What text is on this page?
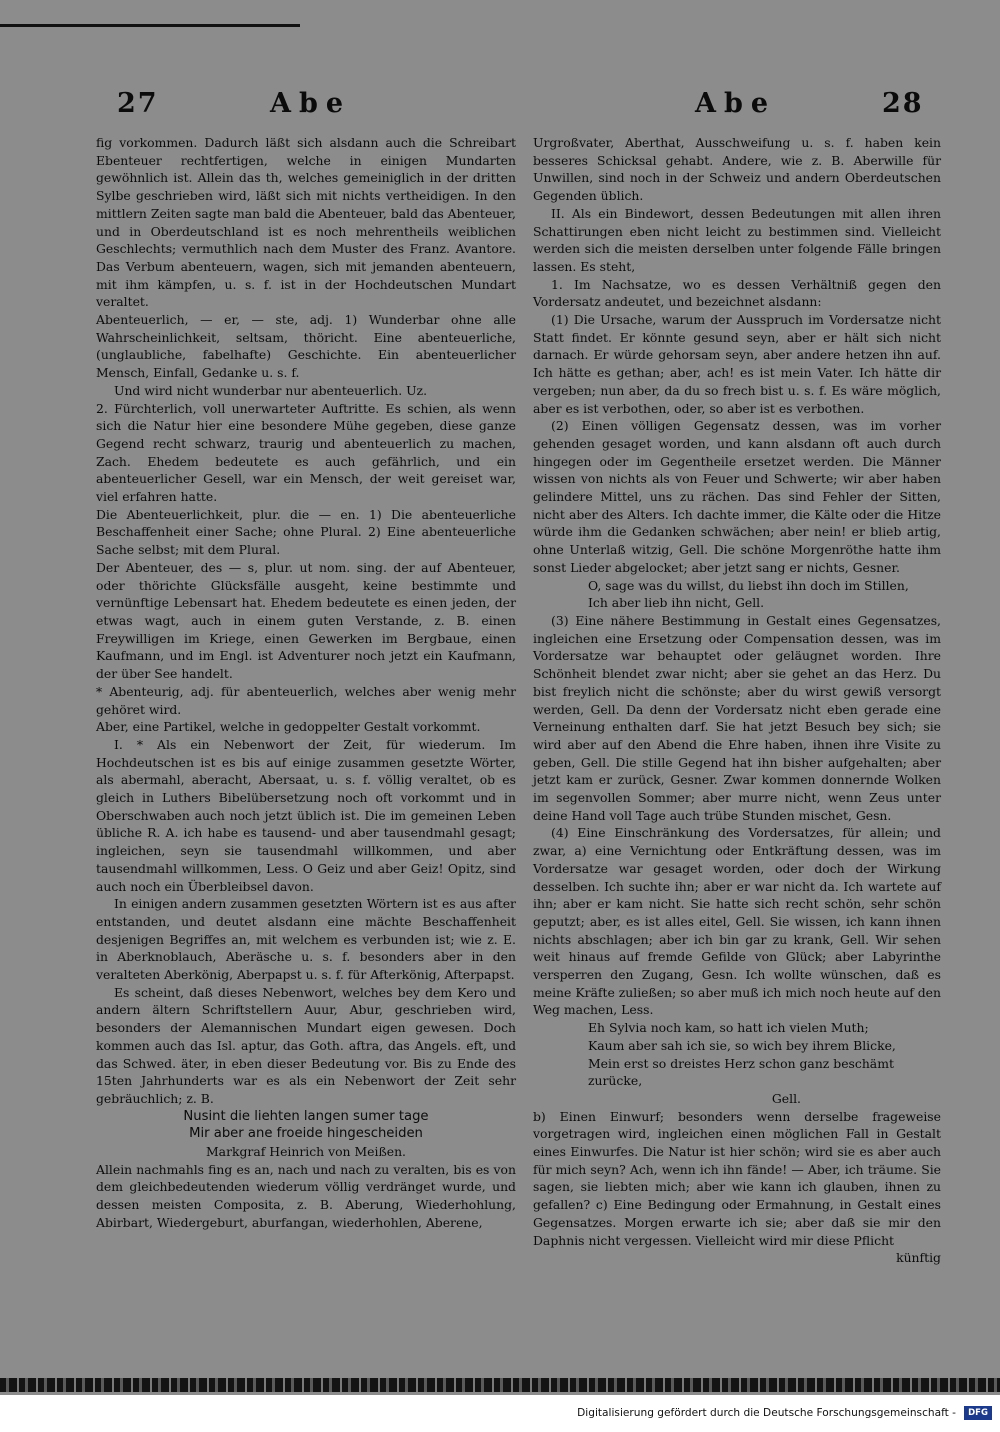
27	Abe	Abe	28

fig vorkommen. Dadurch läßt sich alsdann auch die Schreibart Ebenteuer rechtfertigen, welche in einigen Mundarten gewöhnlich ist. Allein das th, welches gemeiniglich in der dritten Sylbe geschrieben wird, läßt sich mit nichts vertheidigen. In den mittlern Zeiten sagte man bald die Abenteuer, bald das Abenteuer, und in Oberdeutschland ist es noch mehrentheils weiblichen Geschlechts; vermuthlich nach dem Muster des Franz. Avantore. Das Verbum abenteuern, wagen, sich mit jemanden abenteuern, mit ihm kämpfen, u. s. f. ist in der Hochdeutschen Mundart veraltet.

Abenteuerlich, — er, — ste, adj. 1) Wunderbar ohne alle Wahrscheinlichkeit, seltsam, thöricht. Eine abenteuerliche, (unglaubliche, fabelhafte) Geschichte. Ein abenteuerlicher Mensch, Einfall, Gedanke u. s. f.

Und wird nicht wunderbar nur abenteuerlich. Uz.

2. Fürchterlich, voll unerwarteter Auftritte. Es schien, als wenn sich die Natur hier eine besondere Mühe gegeben, diese ganze Gegend recht schwarz, traurig und abenteuerlich zu machen, Zach. Ehedem bedeutete es auch gefährlich, und ein abenteuerlicher Gesell, war ein Mensch, der weit gereiset war, viel erfahren hatte.

Die Abenteuerlichkeit, plur. die — en. 1) Die abenteuerliche Beschaffenheit einer Sache; ohne Plural. 2) Eine abenteuerliche Sache selbst; mit dem Plural.

Der Abenteuer, des — s, plur. ut nom. sing. der auf Abenteuer, oder thörichte Glücksfälle ausgeht, keine bestimmte und vernünftige Lebensart hat. Ehedem bedeutete es einen jeden, der etwas wagt, auch in einem guten Verstande, z. B. einen Freywilligen im Kriege, einen Gewerken im Bergbaue, einen Kaufmann, und im Engl. ist Adventurer noch jetzt ein Kaufmann, der über See handelt.

* Abenteurig, adj. für abenteuerlich, welches aber wenig mehr gehöret wird.

Aber, eine Partikel, welche in gedoppelter Gestalt vorkommt.

I. * Als ein Nebenwort der Zeit, für wiederum. Im Hochdeutschen ist es bis auf einige zusammen gesetzte Wörter, als abermahl, aberacht, Abersaat, u. s. f. völlig veraltet, ob es gleich in Luthers Bibelübersetzung noch oft vorkommt und in Oberschwaben auch noch jetzt üblich ist. Die im gemeinen Leben übliche R. A. ich habe es tausend- und aber tausendmahl gesagt; ingleichen, seyn sie tausendmahl willkommen, und aber tausendmahl willkommen, Less. O Geiz und aber Geiz! Opitz, sind auch noch ein Überbleibsel davon.

In einigen andern zusammen gesetzten Wörtern ist es aus after entstanden, und deutet alsdann eine mächte Beschaffenheit desjenigen Begriffes an, mit welchem es verbunden ist; wie z. E. in Aberknoblauch, Aberäsche u. s. f. besonders aber in den veralteten Aberkönig, Aberpapst u. s. f. für Afterkönig, Afterpapst.

Es scheint, daß dieses Nebenwort, welches bey dem Kero und andern ältern Schriftstellern Auur, Abur, geschrieben wird, besonders der Alemannischen Mundart eigen gewesen. Doch kommen auch das Isl. aptur, das Goth. aftra, das Angels. eft, und das Schwed. äter, in eben dieser Bedeutung vor. Bis zu Ende des 15ten Jahrhunderts war es als ein Nebenwort der Zeit sehr gebräuchlich; z. B.

Nusint die liehten langen sumer tage

Mir aber ane froeide hingescheiden

Markgraf Heinrich von Meißen.

Allein nachmahls fing es an, nach und nach zu veralten, bis es von dem gleichbedeutenden wiederum völlig verdränget wurde, und dessen meisten Composita, z. B. Aberung, Wiederhohlung, Abirbart, Wiedergeburt, aburfangan, wiederhohlen, Aberene,

Urgroßvater, Aberthat, Ausschweifung u. s. f. haben kein besseres Schicksal gehabt. Andere, wie z. B. Aberwille für Unwillen, sind noch in der Schweiz und andern Oberdeutschen Gegenden üblich.

II. Als ein Bindewort, dessen Bedeutungen mit allen ihren Schattirungen eben nicht leicht zu bestimmen sind. Vielleicht werden sich die meisten derselben unter folgende Fälle bringen lassen. Es steht,

1. Im Nachsatze, wo es dessen Verhältniß gegen den Vordersatz andeutet, und bezeichnet alsdann:

(1) Die Ursache, warum der Ausspruch im Vordersatze nicht Statt findet. Er könnte gesund seyn, aber er hält sich nicht darnach. Er würde gehorsam seyn, aber andere hetzen ihn auf. Ich hätte es gethan; aber, ach! es ist mein Vater. Ich hätte dir vergeben; nun aber, da du so frech bist u. s. f. Es wäre möglich, aber es ist verbothen, oder, so aber ist es verbothen.

(2) Einen völligen Gegensatz dessen, was im vorher gehenden gesaget worden, und kann alsdann oft auch durch hingegen oder im Gegentheile ersetzet werden. Die Männer wissen von nichts als von Feuer und Schwerte; wir aber haben gelindere Mittel, uns zu rächen. Das sind Fehler der Sitten, nicht aber des Alters. Ich dachte immer, die Kälte oder die Hitze würde ihm die Gedanken schwächen; aber nein! er blieb artig, ohne Unterlaß witzig, Gell. Die schöne Morgenröthe hatte ihm sonst Lieder abgelocket; aber jetzt sang er nichts, Gesner.

O, sage was du willst, du liebst ihn doch im Stillen,

Ich aber lieb ihn nicht, Gell.

(3) Eine nähere Bestimmung in Gestalt eines Gegensatzes, ingleichen eine Ersetzung oder Compensation dessen, was im Vordersatze war behauptet oder geläugnet worden. Ihre Schönheit blendet zwar nicht; aber sie gehet an das Herz. Du bist freylich nicht die schönste; aber du wirst gewiß versorgt werden, Gell. Da denn der Vordersatz nicht eben gerade eine Verneinung enthalten darf. Sie hat jetzt Besuch bey sich; sie wird aber auf den Abend die Ehre haben, ihnen ihre Visite zu geben, Gell. Die stille Gegend hat ihn bisher aufgehalten; aber jetzt kam er zurück, Gesner. Zwar kommen donnernde Wolken im segenvollen Sommer; aber murre nicht, wenn Zeus unter deine Hand voll Tage auch trübe Stunden mischet, Gesn.

(4) Eine Einschränkung des Vordersatzes, für allein; und zwar, a) eine Vernichtung oder Entkräftung dessen, was im Vordersatze war gesaget worden, oder doch der Wirkung desselben. Ich suchte ihn; aber er war nicht da. Ich wartete auf ihn; aber er kam nicht. Sie hatte sich recht schön, sehr schön geputzt; aber, es ist alles eitel, Gell. Sie wissen, ich kann ihnen nichts abschlagen; aber ich bin gar zu krank, Gell. Wir sehen weit hinaus auf fremde Gefilde von Glück; aber Labyrinthe versperren den Zugang, Gesn. Ich wollte wünschen, daß es meine Kräfte zuließen; so aber muß ich mich noch heute auf den Weg machen, Less.

Eh Sylvia noch kam, so hatt ich vielen Muth;

Kaum aber sah ich sie, so wich bey ihrem Blicke,

Mein erst so dreistes Herz schon ganz beschämt zurücke,

Gell.

b) Einen Einwurf; besonders wenn derselbe frageweise vorgetragen wird, ingleichen einen möglichen Fall in Gestalt eines Einwurfes. Die Natur ist hier schön; wird sie es aber auch für mich seyn? Ach, wenn ich ihn fände! — Aber, ich träume. Sie sagen, sie liebten mich; aber wie kann ich glauben, ihnen zu gefallen? c) Eine Bedingung oder Ermahnung, in Gestalt eines Gegensatzes. Morgen erwarte ich sie; aber daß sie mir den Daphnis nicht vergessen. Vielleicht wird mir diese Pflicht

künftig

Digitalisierung gefördert durch die Deutsche Forschungsgemeinschaft -	DFG
